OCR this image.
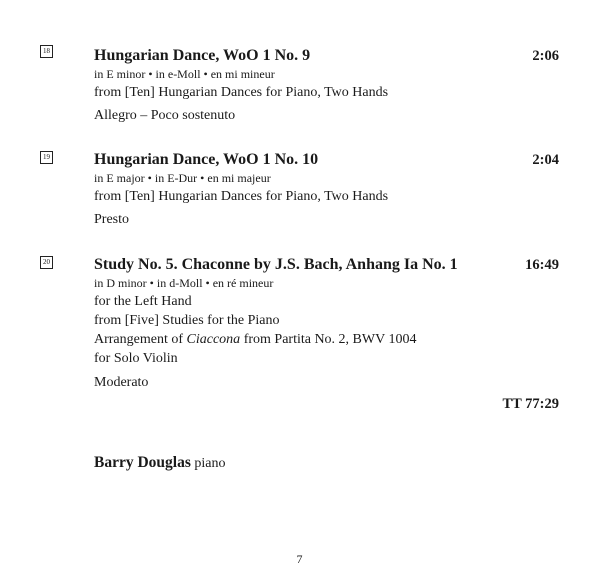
18	Hungarian Dance, WoO 1 No. 9	2:06
in E minor • in e-Moll • en mi mineur
from [Ten] Hungarian Dances for Piano, Two Hands
Allegro – Poco sostenuto
19	Hungarian Dance, WoO 1 No. 10	2:04
in E major • in E-Dur • en mi majeur
from [Ten] Hungarian Dances for Piano, Two Hands
Presto
20	Study No. 5. Chaconne by J.S. Bach, Anhang Ia No. 1	16:49
in D minor • in d-Moll • en ré mineur
for the Left Hand
from [Five] Studies for the Piano
Arrangement of Ciaccona from Partita No. 2, BWV 1004
for Solo Violin
Moderato
TT 77:29
Barry Douglas piano
7
